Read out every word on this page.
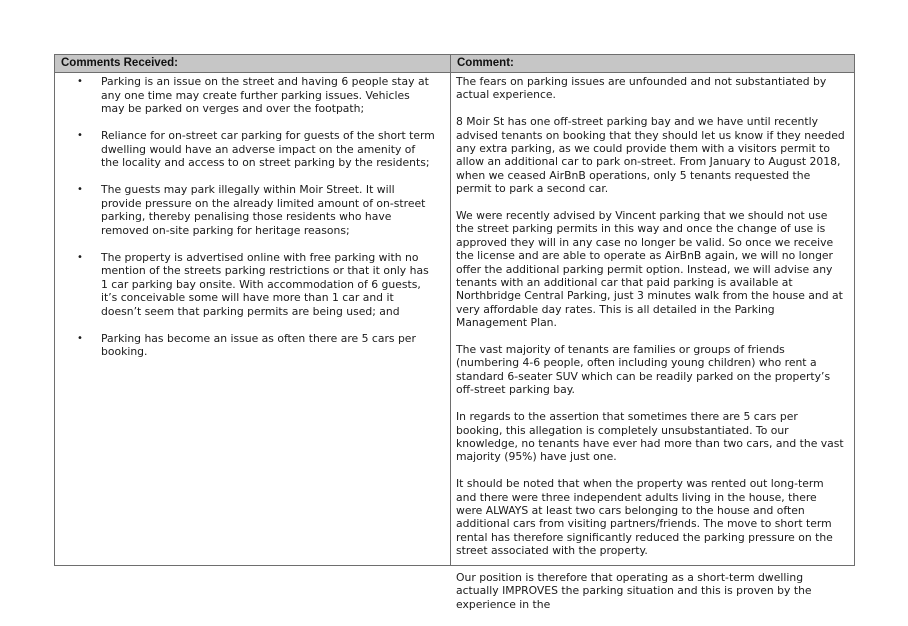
Comments Received:	Comment:
• Parking is an issue on the street and having 6 people stay at any one time may create further parking issues. Vehicles may be parked on verges and over the footpath;
• Reliance for on-street car parking for guests of the short term dwelling would have an adverse impact on the amenity of the locality and access to on street parking by the residents;
• The guests may park illegally within Moir Street. It will provide pressure on the already limited amount of on-street parking, thereby penalising those residents who have removed on-site parking for heritage reasons;
• The property is advertised online with free parking with no mention of the streets parking restrictions or that it only has 1 car parking bay onsite. With accommodation of 6 guests, it’s conceivable some will have more than 1 car and it doesn’t seem that parking permits are being used; and
• Parking has become an issue as often there are 5 cars per booking.

The fears on parking issues are unfounded and not substantiated by actual experience.

8 Moir St has one off-street parking bay and we have until recently advised tenants on booking that they should let us know if they needed any extra parking, as we could provide them with a visitors permit to allow an additional car to park on-street. From January to August 2018, when we ceased AirBnB operations, only 5 tenants requested the permit to park a second car.

We were recently advised by Vincent parking that we should not use the street parking permits in this way and once the change of use is approved they will in any case no longer be valid. So once we receive the license and are able to operate as AirBnB again, we will no longer offer the additional parking permit option. Instead, we will advise any tenants with an additional car that paid parking is available at Northbridge Central Parking, just 3 minutes walk from the house and at very affordable day rates. This is all detailed in the Parking Management Plan.

The vast majority of tenants are families or groups of friends (numbering 4-6 people, often including young children) who rent a standard 6-seater SUV which can be readily parked on the property’s off-street parking bay.

In regards to the assertion that sometimes there are 5 cars per booking, this allegation is completely unsubstantiated. To our knowledge, no tenants have ever had more than two cars, and the vast majority (95%) have just one.

It should be noted that when the property was rented out long-term and there were three independent adults living in the house, there were ALWAYS at least two cars belonging to the house and often additional cars from visiting partners/friends. The move to short term rental has therefore significantly reduced the parking pressure on the street associated with the property.

Our position is therefore that operating as a short-term dwelling actually IMPROVES the parking situation and this is proven by the experience in the
